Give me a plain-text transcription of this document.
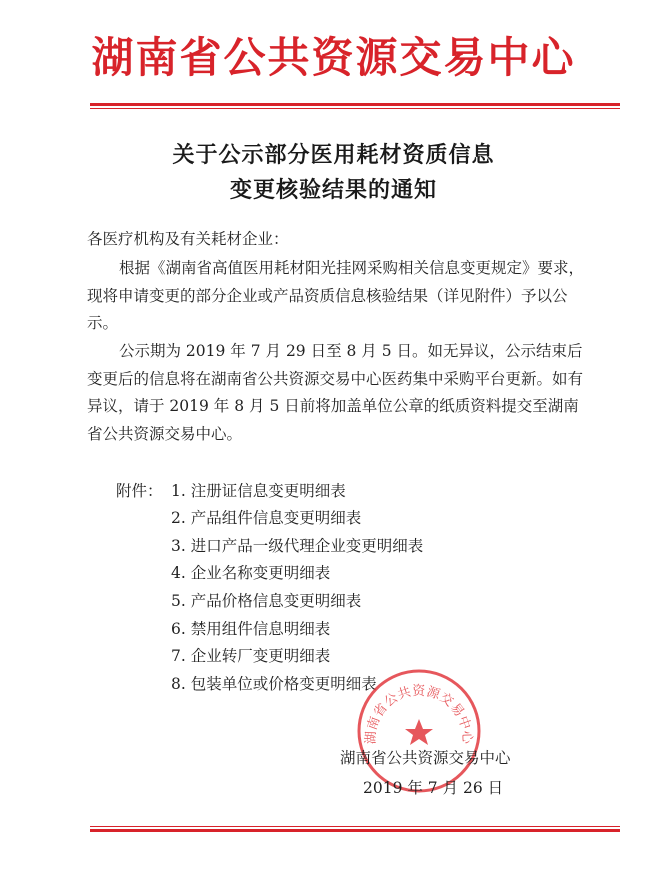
湖南省公共资源交易中心
关于公示部分医用耗材资质信息
变更核验结果的通知
各医疗机构及有关耗材企业：
根据《湖南省高值医用耗材阳光挂网采购相关信息变更规定》要求，现将申请变更的部分企业或产品资质信息核验结果（详见附件）予以公示。
公示期为 2019 年 7 月 29 日至 8 月 5 日。如无异议，公示结束后变更后的信息将在湖南省公共资源交易中心医药集中采购平台更新。如有异议，请于 2019 年 8 月 5 日前将加盖单位公章的纸质资料提交至湖南省公共资源交易中心。
附件： 1. 注册证信息变更明细表
2. 产品组件信息变更明细表
3. 进口产品一级代理企业变更明细表
4. 企业名称变更明细表
5. 产品价格信息变更明细表
6. 禁用组件信息明细表
7. 企业转厂变更明细表
8. 包装单位或价格变更明细表
湖南省公共资源交易中心
湖南省公共资源交易中心
2019 年 7 月 26 日
